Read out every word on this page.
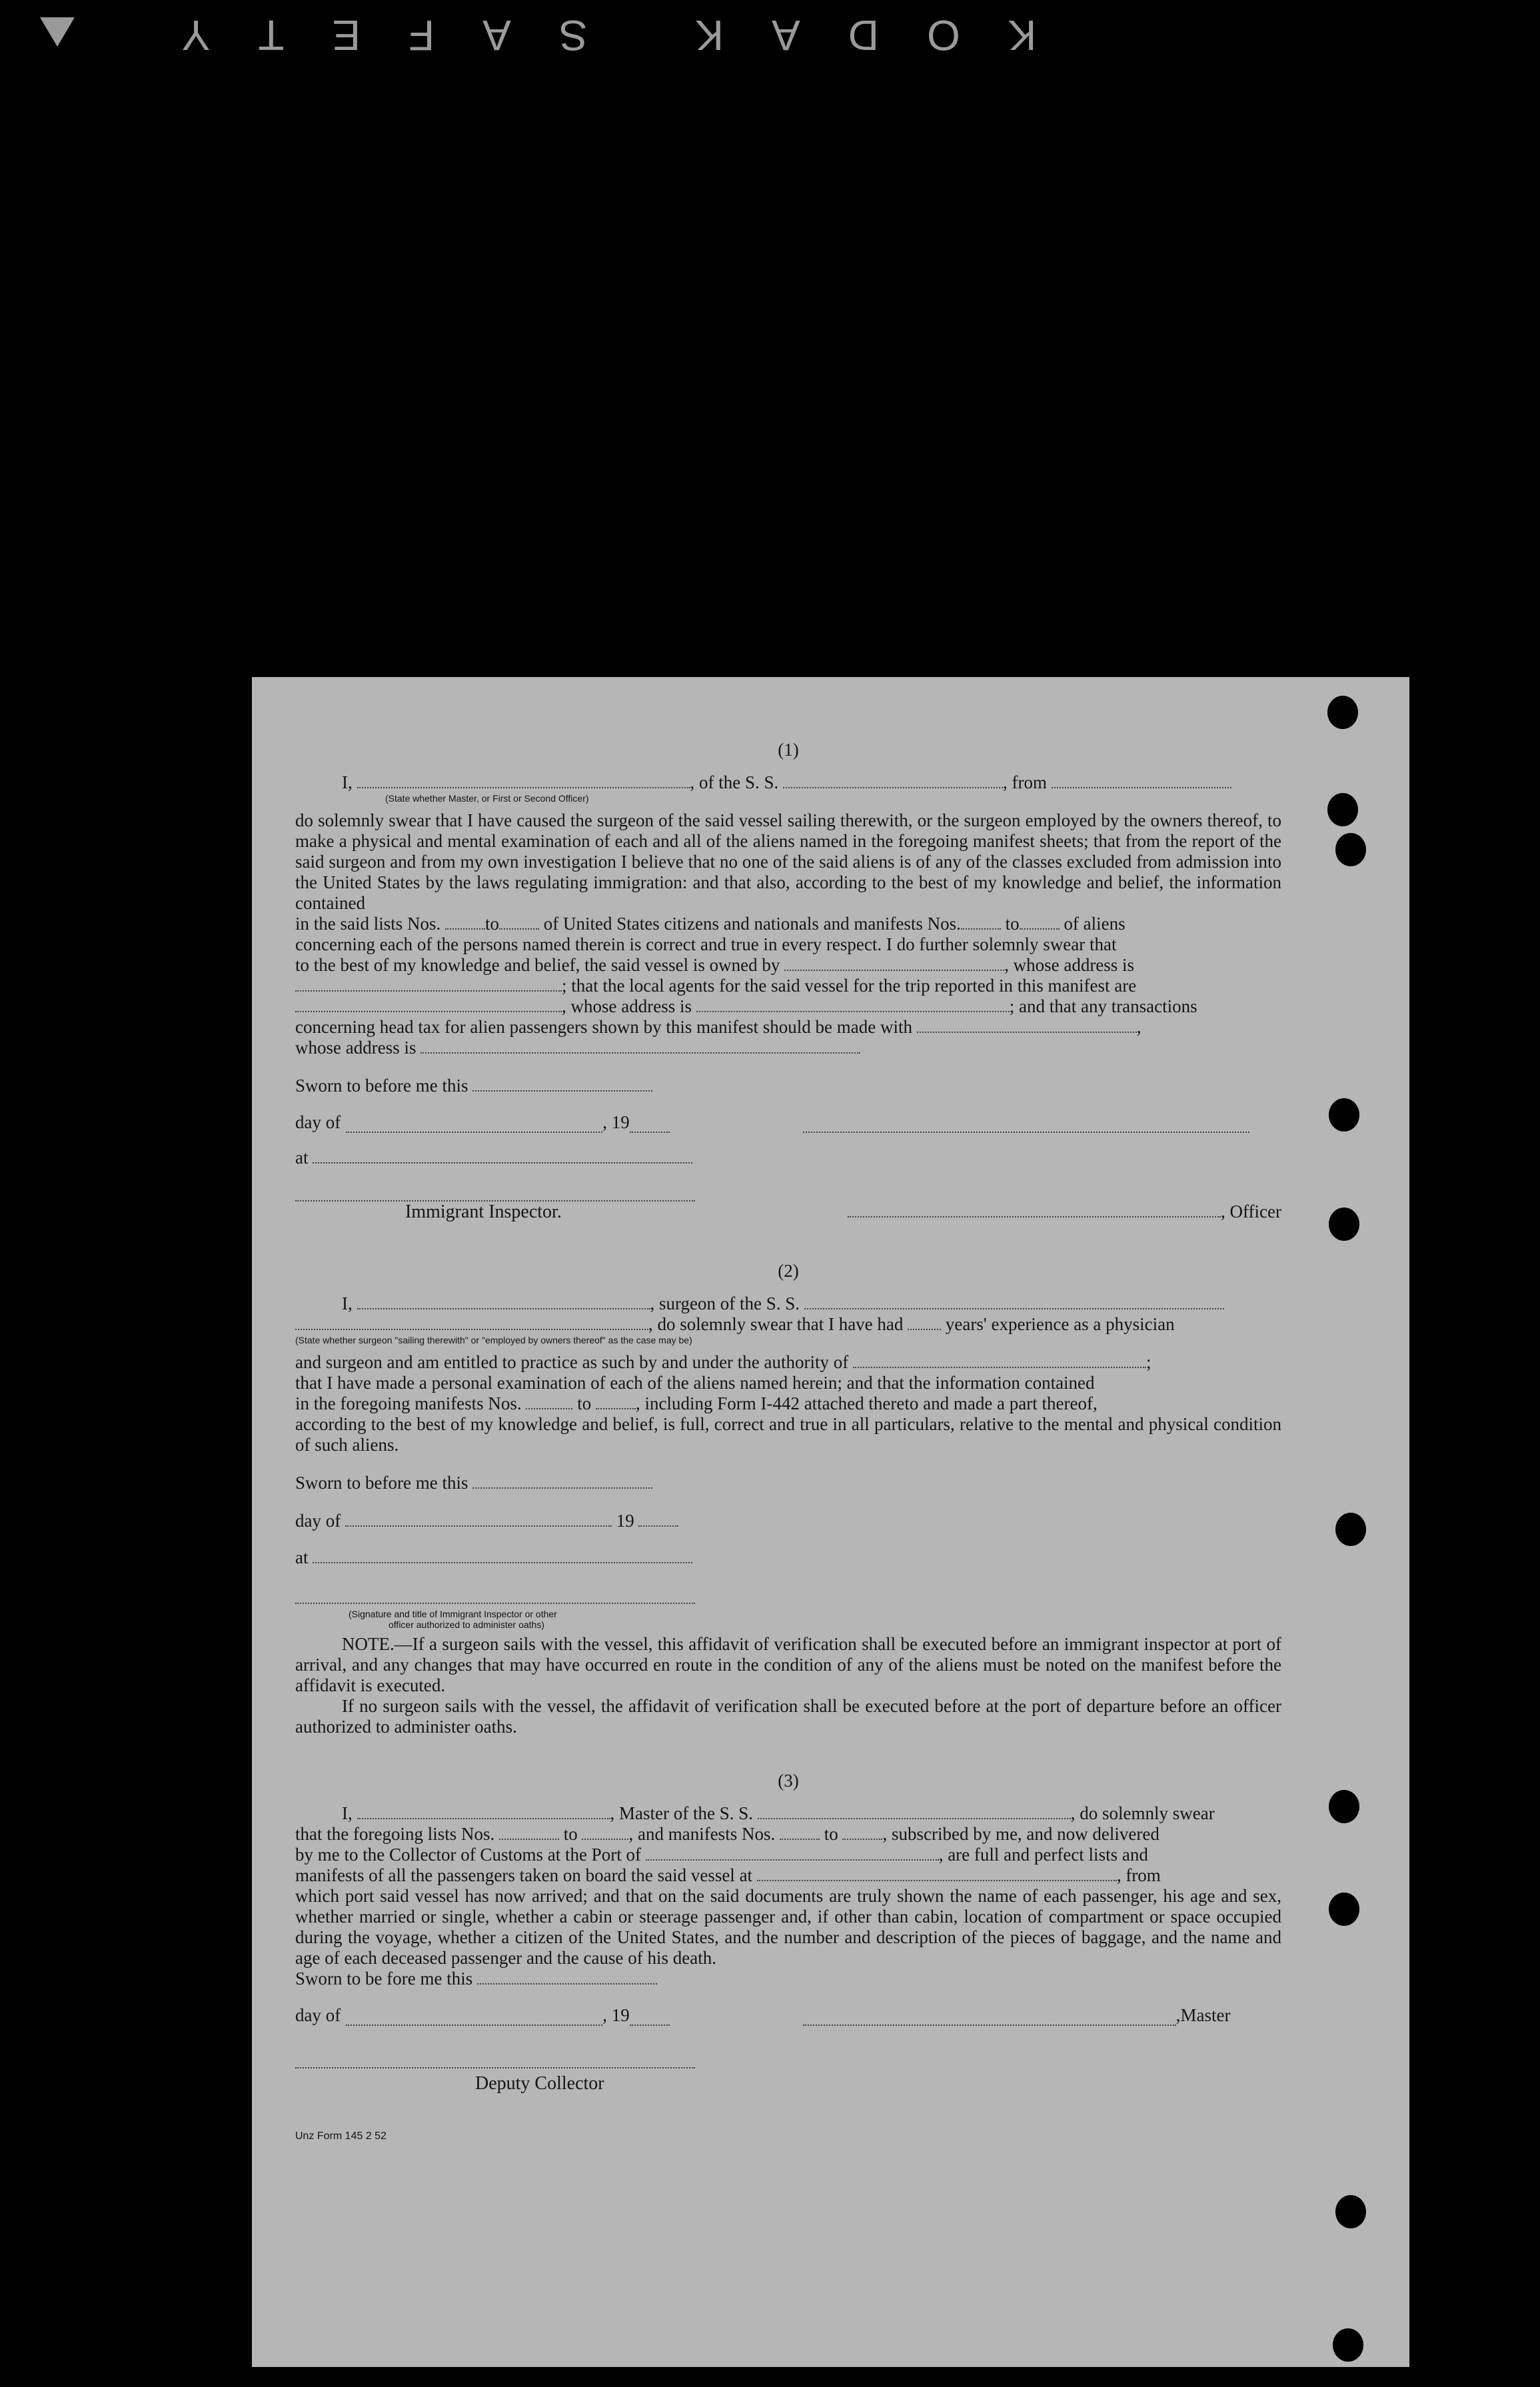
KODAK SAFETY

(1)

I,	, of the S. S.	, from

(State whether Master, or First or Second Officer)

do solemnly swear that I have caused the surgeon of the said vessel sailing therewith, or the surgeon employed by the owners thereof, to make a physical and mental examination of each and all of the aliens named in the foregoing manifest sheets; that from the report of the said surgeon and from my own investigation I believe that no one of the said aliens is of any of the classes excluded from admission into the United States by the laws regulating immigration: and that also, according to the best of my knowledge and belief, the information contained

in the said lists Nos. to of United States citizens and nationals and manifests Nos. to of aliens

concerning each of the persons named therein is correct and true in every respect. I do further solemnly swear that

to the best of my knowledge and belief, the said vessel is owned by	, whose address is

; that the local agents for the said vessel for the trip reported in this manifest are

, whose address is	; and that any transactions

concerning head tax for alien passengers shown by this manifest should be made with	,

whose address is

Sworn to before me this

day of	, 19

at

Immigrant Inspector.	, Officer

(2)

I,	, surgeon of the S. S.

, do solemnly swear that I have had years' experience as a physician

(State whether surgeon "sailing therewith" or "employed by owners thereof" as the case may be)

and surgeon and am entitled to practice as such by and under the authority of	;

that I have made a personal examination of each of the aliens named herein; and that the information contained

in the foregoing manifests Nos.	to , including Form I-442 attached thereto and made a part thereof,

according to the best of my knowledge and belief, is full, correct and true in all particulars, relative to the mental and physical condition of such aliens.

Sworn to before me this

day of	19

at

(Signature and title of Immigrant Inspector or other

officer authorized to administer oaths)

NOTE.—If a surgeon sails with the vessel, this affidavit of verification shall be executed before an immigrant inspector at port of arrival, and any changes that may have occurred en route in the condition of any of the aliens must be noted on the manifest before the affidavit is executed.

If no surgeon sails with the vessel, the affidavit of verification shall be executed before at the port of departure before an officer authorized to administer oaths.

(3)

I,	, Master of the S. S.	, do solemnly swear

that the foregoing lists Nos.	to	, and manifests Nos.	to , subscribed by me, and now delivered

by me to the Collector of Customs at the Port of	, are full and perfect lists and

manifests of all the passengers taken on board the said vessel at	, from

which port said vessel has now arrived; and that on the said documents are truly shown the name of each passenger, his age and sex, whether married or single, whether a cabin or steerage passenger and, if other than cabin, location of compartment or space occupied during the voyage, whether a citizen of the United States, and the number and description of the pieces of baggage, and the name and age of each deceased passenger and the cause of his death.

Sworn to be fore me this

day of	, 19	,Master

Deputy Collector

Unz Form 145 2 52
